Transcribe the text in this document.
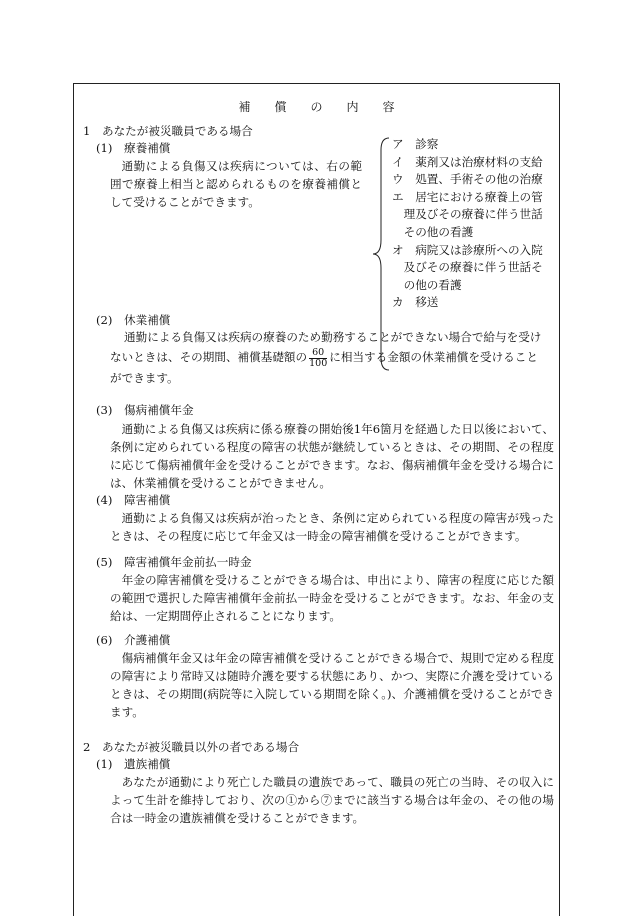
補　　償　　の　　内　　容
1　あなたが被災職員である場合
(1)　療養補償
通勤による負傷又は疾病については、右の範囲で療養上相当と認められるものを療養補償として受けることができます。
ア　診察
イ　薬剤又は治療材料の支給
ウ　処置、手術その他の治療
エ　居宅における療養上の管
　理及びその療養に伴う世話
　その他の看護
オ　病院又は診療所への入院
　及びその療養に伴う世話そ
　の他の看護
カ　移送
(2)　休業補償
通勤による負傷又は疾病の療養のため勤務することができない場合で給与を受け
ないときは、その期間、補償基礎額の $\frac{60}{100}$ に相当する金額の休業補償を受けること
ができます。
(3)　傷病補償年金
通勤による負傷又は疾病に係る療養の開始後1年6箇月を経過した日以後において、条例に定められている程度の障害の状態が継続しているときは、その期間、その程度に応じて傷病補償年金を受けることができます。なお、傷病補償年金を受ける場合には、休業補償を受けることができません。
(4)　障害補償
通勤による負傷又は疾病が治ったとき、条例に定められている程度の障害が残ったときは、その程度に応じて年金又は一時金の障害補償を受けることができます。
(5)　障害補償年金前払一時金
年金の障害補償を受けることができる場合は、申出により、障害の程度に応じた額の範囲で選択した障害補償年金前払一時金を受けることができます。なお、年金の支給は、一定期間停止されることになります。
(6)　介護補償
傷病補償年金又は年金の障害補償を受けることができる場合で、規則で定める程度の障害により常時又は随時介護を要する状態にあり、かつ、実際に介護を受けているときは、その期間(病院等に入院している期間を除く。)、介護補償を受けることができます。
2　あなたが被災職員以外の者である場合
(1)　遺族補償
あなたが通勤により死亡した職員の遺族であって、職員の死亡の当時、その収入によって生計を維持しており、次の①から⑦までに該当する場合は年金の、その他の場合は一時金の遺族補償を受けることができます。
